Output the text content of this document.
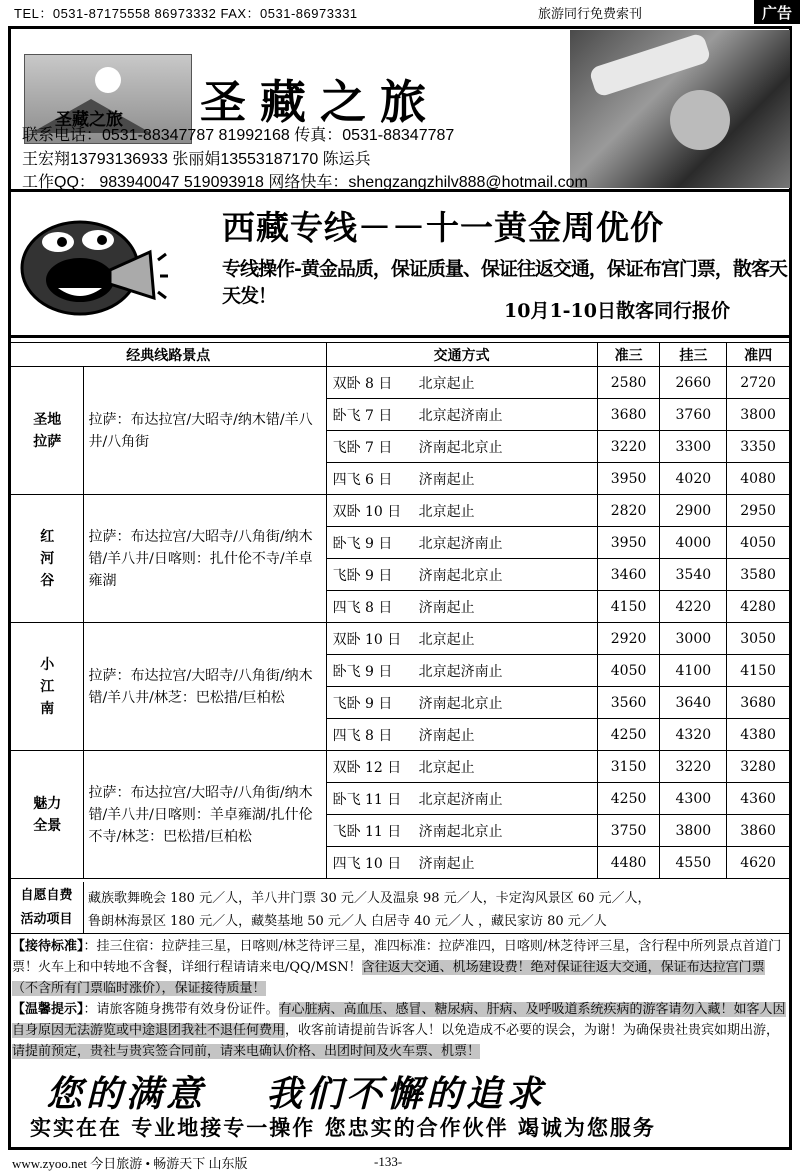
TEL：0531-87175558 86973332 FAX：0531-86973331	旅游同行免费索刊	广告
圣藏之旅 圣藏之旅
联系电话：0531-88347787 81992168 传真：0531-88347787
王宏翔13793136933 张丽娟13553187170 陈运兵
工作QQ： 983940047 519093918 网络快车：shengzangzhilv888@hotmail.com
西藏专线－－十一黄金周优价
专线操作-黄金品质，保证质量、保证往返交通，保证布宫门票，散客天天发！
10月1-10日散客同行报价
经典线路景点		交通方式	准三	挂三	准四
圣地
拉萨	拉萨：布达拉宫/大昭寺/纳木错/羊八井/八角街	双卧 8 日 北京起止	2580	2660	2720
		卧飞 7 日 北京起济南止	3680	3760	3800
		飞卧 7 日 济南起北京止	3220	3300	3350
		四飞 6 日 济南起止	3950	4020	4080
红
河
谷	拉萨：布达拉宫/大昭寺/八角街/纳木错/羊八井/日喀则：扎什伦不寺/羊卓雍湖	双卧 10 日 北京起止	2820	2900	2950
		卧飞 9 日 北京起济南止	3950	4000	4050
		飞卧 9 日 济南起北京止	3460	3540	3580
		四飞 8 日 济南起止	4150	4220	4280
小
江
南	拉萨：布达拉宫/大昭寺/八角街/纳木错/羊八井/林芝：巴松措/巨柏松	双卧 10 日 北京起止	2920	3000	3050
		卧飞 9 日 北京起济南止	4050	4100	4150
		飞卧 9 日 济南起北京止	3560	3640	3680
		四飞 8 日 济南起止	4250	4320	4380
魅力
全景	拉萨：布达拉宫/大昭寺/八角街/纳木错/羊八井/日喀则：羊卓雍湖/扎什伦不寺/林芝：巴松措/巨柏松	双卧 12 日 北京起止	3150	3220	3280
		卧飞 11 日 北京起济南止	4250	4300	4360
		飞卧 11 日 济南起北京止	3750	3800	3860
		四飞 10 日 济南起止	4480	4550	4620
自愿自费
活动项目
藏族歌舞晚会 180 元／人，羊八井门票 30 元／人及温泉 98 元／人，卡定沟风景区 60 元／人，
鲁朗林海景区 180 元／人，藏獒基地 50 元／人 白居寺 40 元／人 ，藏民家访 80 元／人

【接待标准】：挂三住宿：拉萨挂三星，日喀则/林芝待评三星，准四标准：拉萨准四，日喀则/林芝待评三星，含行程中所列景点首道门票！火车上和中转地不含餐，详细行程请请来电/QQ/MSN！含往返大交通、机场建设费！绝对保证往返大交通，保证布达拉宫门票（不含所有门票临时涨价），保证接待质量！

【温馨提示】：请旅客随身携带有效身份证件。有心脏病、高血压、感冒、糖尿病、肝病、及呼吸道系统疾病的游客请勿入藏！如客人因自身原因无法游览或中途退团我社不退任何费用，收客前请提前告诉客人！以免造成不必要的误会，为谢！为确保贵社贵宾如期出游，

请提前预定，贵社与贵宾签合同前，请来电确认价格、出团时间及火车票、机票！

您的满意 我们不懈的追求
实实在在 专业地接专一操作 您忠实的合作伙伴 竭诚为您服务
www.zyoo.net 今日旅游 • 畅游天下 山东版	-133-
